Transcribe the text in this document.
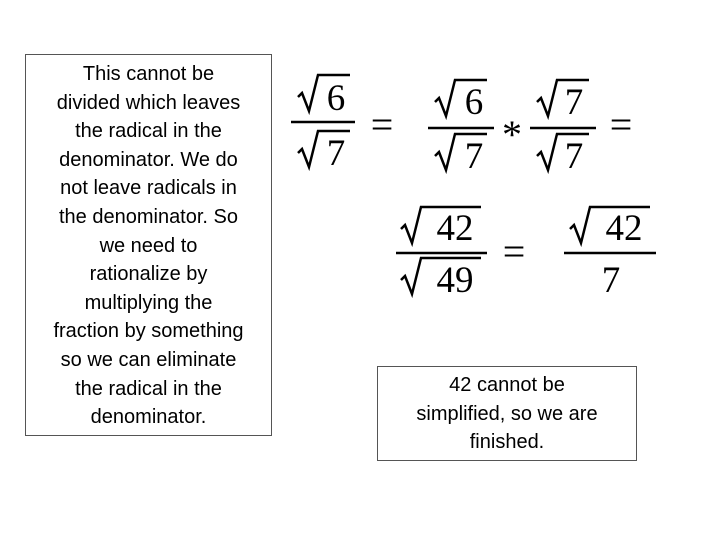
This cannot be
divided which leaves
the radical in the
denominator. We do
not leave radicals in
the denominator. So
we need to
rationalize by
multiplying the
fraction by something
so we can eliminate
the radical in the
denominator.
6
7
= 6
7 *
7
7
=
42
49
=
42
7
42 cannot be
simplified, so we are
finished.
